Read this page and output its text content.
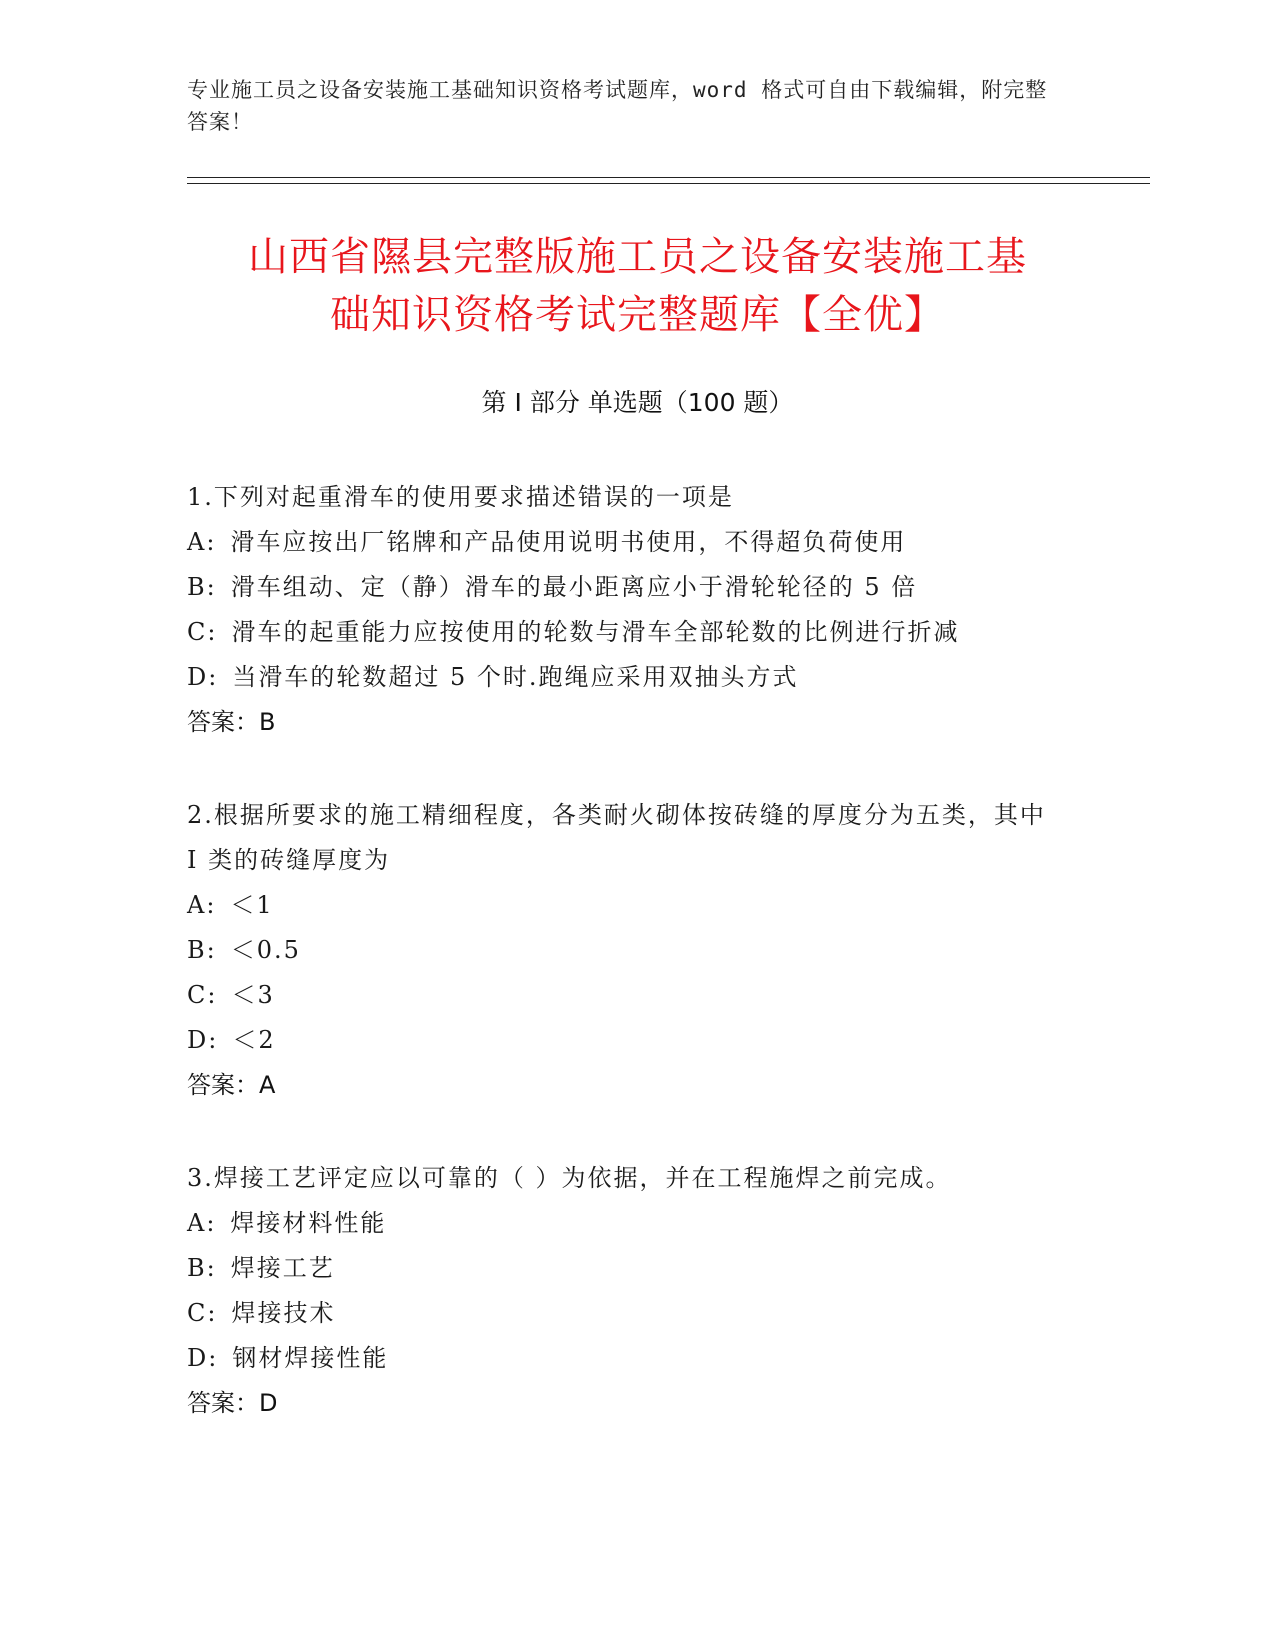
专业施工员之设备安装施工基础知识资格考试题库，word 格式可自由下载编辑，附完整答案！
山西省隰县完整版施工员之设备安装施工基
础知识资格考试完整题库【全优】
第 I 部分 单选题（100 题）
1.下列对起重滑车的使用要求描述错误的一项是
A: 滑车应按出厂铭牌和产品使用说明书使用，不得超负荷使用
B: 滑车组动、定（静）滑车的最小距离应小于滑轮轮径的 5 倍
C: 滑车的起重能力应按使用的轮数与滑车全部轮数的比例进行折减
D: 当滑车的轮数超过 5 个时.跑绳应采用双抽头方式
答案：B
2.根据所要求的施工精细程度，各类耐火砌体按砖缝的厚度分为五类，其中 I 类的砖缝厚度为
A: ＜1
B: ＜0.5
C: ＜3
D: ＜2
答案：A
3.焊接工艺评定应以可靠的（ ）为依据，并在工程施焊之前完成。
A: 焊接材料性能
B: 焊接工艺
C: 焊接技术
D: 钢材焊接性能
答案：D
